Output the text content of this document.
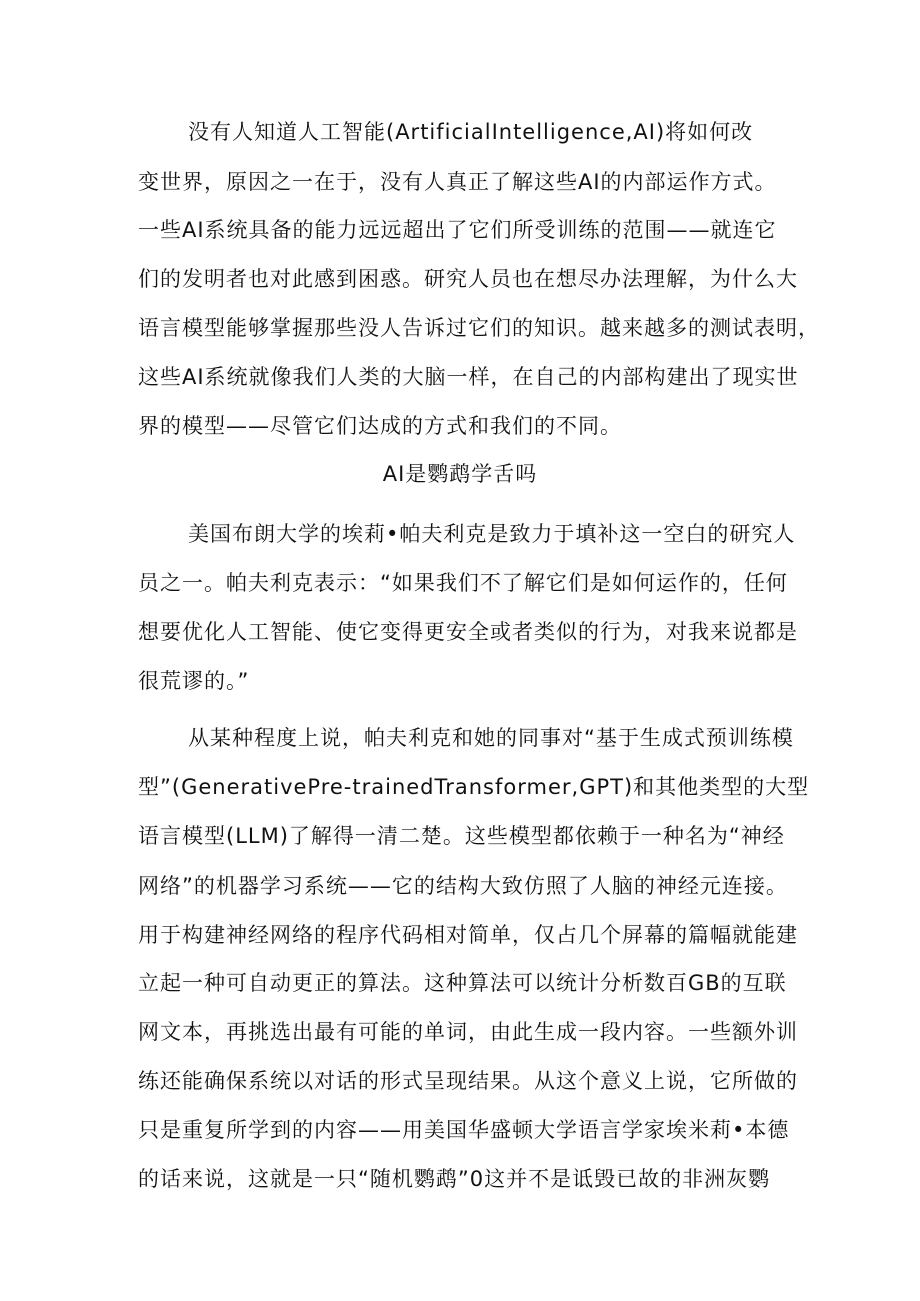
没有人知道人工智能(ArtificialIntelligence,AI)将如何改
变世界，原因之一在于，没有人真正了解这些AI的内部运作方式。
一些AI系统具备的能力远远超出了它们所受训练的范围——就连它
们的发明者也对此感到困惑。研究人员也在想尽办法理解，为什么大
语言模型能够掌握那些没人告诉过它们的知识。越来越多的测试表明，
这些AI系统就像我们人类的大脑一样，在自己的内部构建出了现实世
界的模型——尽管它们达成的方式和我们的不同。
AI是鹦鹉学舌吗
美国布朗大学的埃莉•帕夫利克是致力于填补这一空白的研究人
员之一。帕夫利克表示：“如果我们不了解它们是如何运作的，任何
想要优化人工智能、使它变得更安全或者类似的行为，对我来说都是
很荒谬的。”
从某种程度上说，帕夫利克和她的同事对“基于生成式预训练模
型”(GenerativePre-trainedTransformer,GPT)和其他类型的大型
语言模型(LLM)了解得一清二楚。这些模型都依赖于一种名为“神经
网络”的机器学习系统——它的结构大致仿照了人脑的神经元连接。
用于构建神经网络的程序代码相对简单，仅占几个屏幕的篇幅就能建
立起一种可自动更正的算法。这种算法可以统计分析数百GB的互联
网文本，再挑选出最有可能的单词，由此生成一段内容。一些额外训
练还能确保系统以对话的形式呈现结果。从这个意义上说，它所做的
只是重复所学到的内容——用美国华盛顿大学语言学家埃米莉•本德
的话来说，这就是一只“随机鹦鹉”0这并不是诋毁已故的非洲灰鹦
